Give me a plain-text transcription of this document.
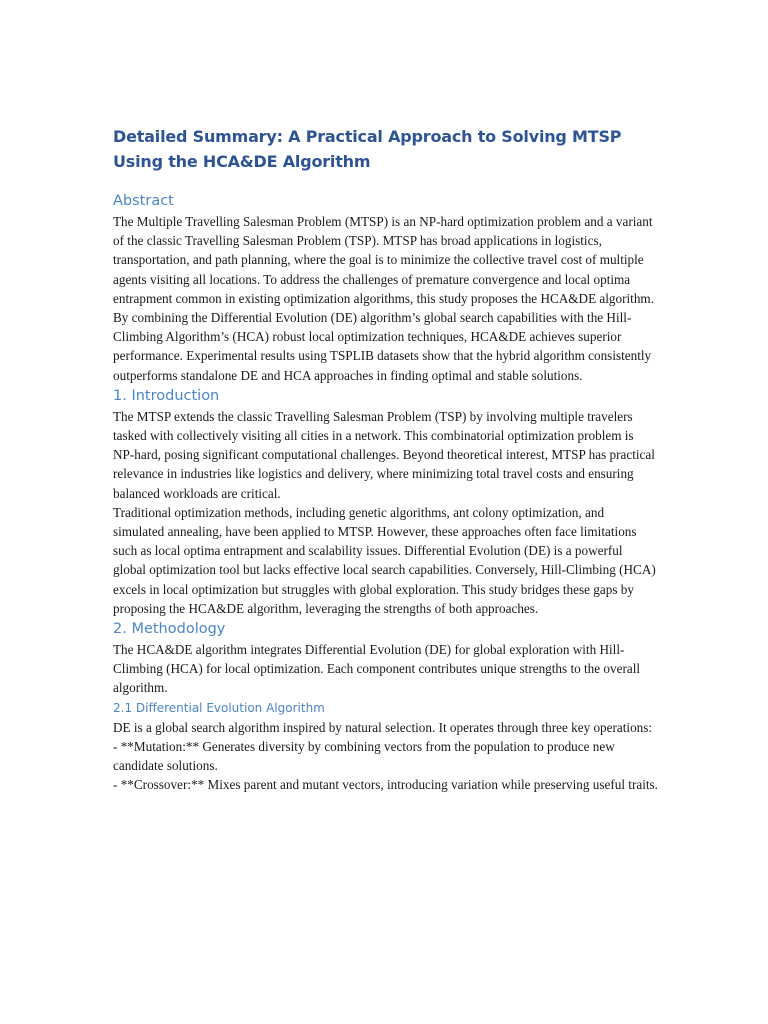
Detailed Summary: A Practical Approach to Solving MTSP Using the HCA&DE Algorithm
Abstract

The Multiple Travelling Salesman Problem (MTSP) is an NP-hard optimization problem and a variant of the classic Travelling Salesman Problem (TSP). MTSP has broad applications in logistics, transportation, and path planning, where the goal is to minimize the collective travel cost of multiple agents visiting all locations. To address the challenges of premature convergence and local optima entrapment common in existing optimization algorithms, this study proposes the HCA&DE algorithm. By combining the Differential Evolution (DE) algorithm’s global search capabilities with the Hill-Climbing Algorithm’s (HCA) robust local optimization techniques, HCA&DE achieves superior performance. Experimental results using TSPLIB datasets show that the hybrid algorithm consistently outperforms standalone DE and HCA approaches in finding optimal and stable solutions.

1. Introduction

The MTSP extends the classic Travelling Salesman Problem (TSP) by involving multiple travelers tasked with collectively visiting all cities in a network. This combinatorial optimization problem is NP-hard, posing significant computational challenges. Beyond theoretical interest, MTSP has practical relevance in industries like logistics and delivery, where minimizing total travel costs and ensuring balanced workloads are critical.

Traditional optimization methods, including genetic algorithms, ant colony optimization, and simulated annealing, have been applied to MTSP. However, these approaches often face limitations such as local optima entrapment and scalability issues. Differential Evolution (DE) is a powerful global optimization tool but lacks effective local search capabilities. Conversely, Hill-Climbing (HCA) excels in local optimization but struggles with global exploration. This study bridges these gaps by proposing the HCA&DE algorithm, leveraging the strengths of both approaches.

2. Methodology

The HCA&DE algorithm integrates Differential Evolution (DE) for global exploration with Hill-Climbing (HCA) for local optimization. Each component contributes unique strengths to the overall algorithm.

2.1 Differential Evolution Algorithm

DE is a global search algorithm inspired by natural selection. It operates through three key operations:
- **Mutation:** Generates diversity by combining vectors from the population to produce new candidate solutions.
- **Crossover:** Mixes parent and mutant vectors, introducing variation while preserving useful traits.
